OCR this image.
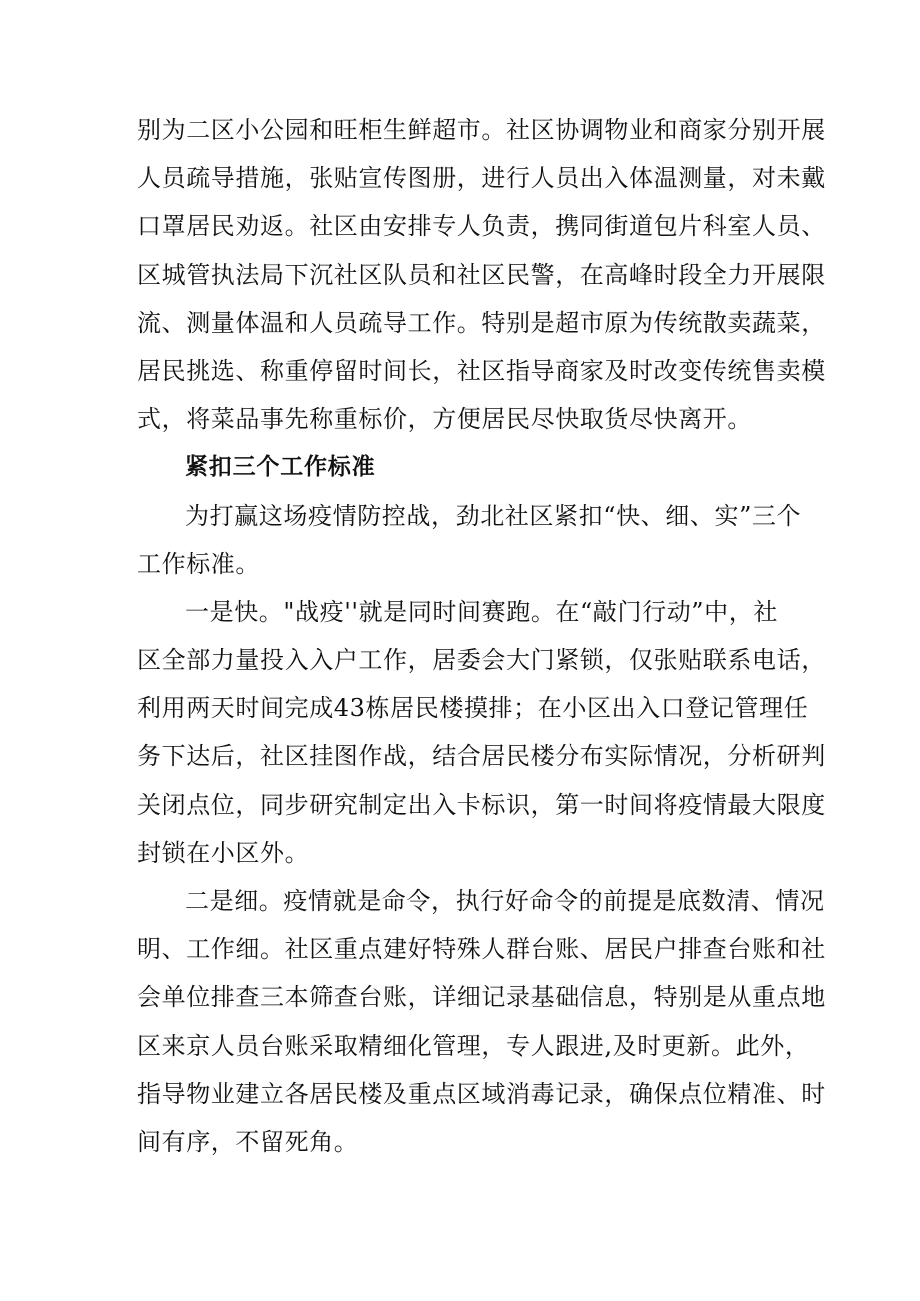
别为二区小公园和旺柜生鲜超市。社区协调物业和商家分别开展
人员疏导措施，张贴宣传图册，进行人员出入体温测量，对未戴
口罩居民劝返。社区由安排专人负责，携同街道包片科室人员、
区城管执法局下沉社区队员和社区民警，在高峰时段全力开展限
流、测量体温和人员疏导工作。特别是超市原为传统散卖蔬菜，
居民挑选、称重停留时间长，社区指导商家及时改变传统售卖模
式，将菜品事先称重标价，方便居民尽快取货尽快离开。
紧扣三个工作标准
为打赢这场疫情防控战，劲北社区紧扣“快、细、实”三个
工作标准。
一是快。"战疫''就是同时间赛跑。在“敲门行动”中，社
区全部力量投入入户工作，居委会大门紧锁，仅张贴联系电话，
利用两天时间完成43栋居民楼摸排；在小区出入口登记管理任
务下达后，社区挂图作战，结合居民楼分布实际情况，分析研判
关闭点位，同步研究制定出入卡标识，第一时间将疫情最大限度
封锁在小区外。
二是细。疫情就是命令，执行好命令的前提是底数清、情况
明、工作细。社区重点建好特殊人群台账、居民户排查台账和社
会单位排查三本筛查台账，详细记录基础信息，特别是从重点地
区来京人员台账采取精细化管理，专人跟进,及时更新。此外，
指导物业建立各居民楼及重点区域消毒记录，确保点位精准、时
间有序，不留死角。
